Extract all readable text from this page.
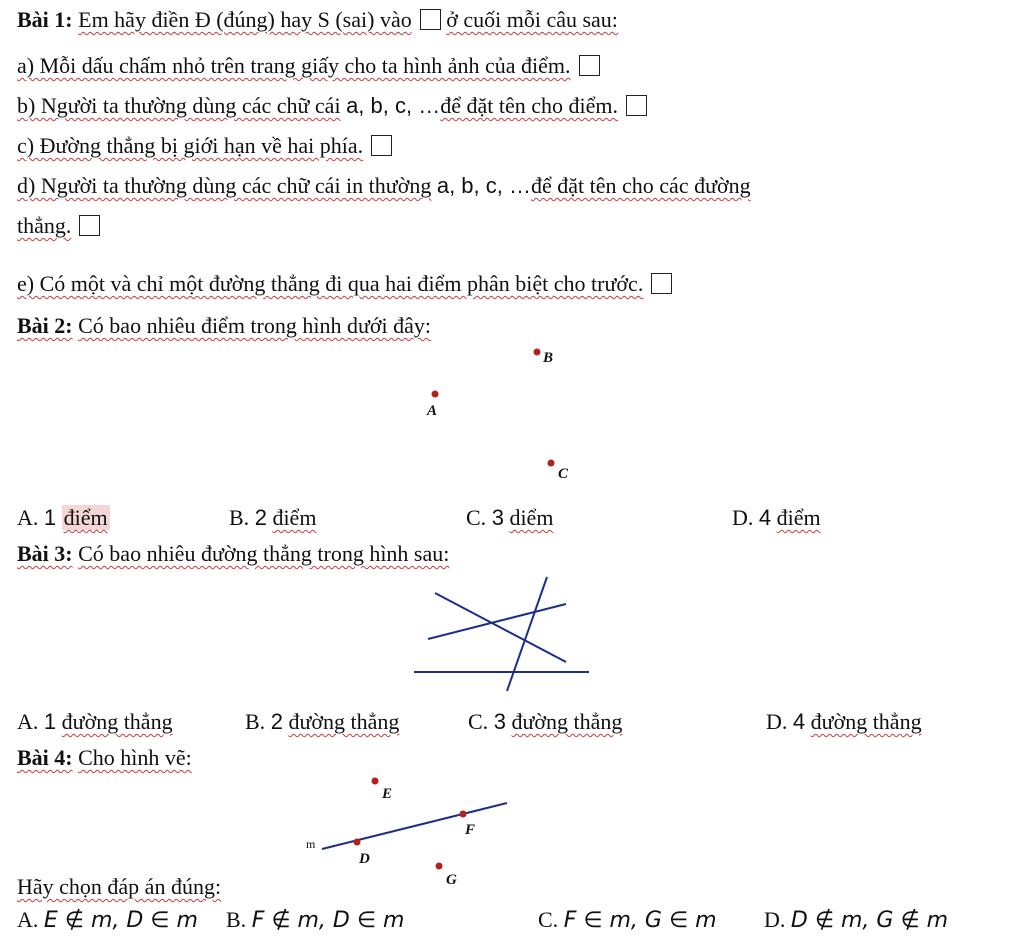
Bài 1: Em hãy điền Đ (đúng) hay S (sai) vào ở cuối mỗi câu sau:
a) Mỗi dấu chấm nhỏ trên trang giấy cho ta hình ảnh của điểm.
b) Người ta thường dùng các chữ cái a, b, c, …để đặt tên cho điểm.
c) Đường thẳng bị giới hạn về hai phía.
d) Người ta thường dùng các chữ cái in thường a, b, c, …để đặt tên cho các đường
thẳng.
e) Có một và chỉ một đường thẳng đi qua hai điểm phân biệt cho trước.
Bài 2: Có bao nhiêu điểm trong hình dưới đây:
B
A
C
A. 1 điểm	B. 2 điểm	C. 3 diểm	D. 4 điểm
Bài 3: Có bao nhiêu đường thẳng trong hình sau:
A. 1 đường thẳng	B. 2 đường thẳng	C. 3 đường thẳng	D. 4 đường thẳng
Bài 4: Cho hình vẽ:
E
F
D
G
m
Hãy chọn đáp án đúng:
A. E ∉ m, D ∈ m B. F ∉ m, D ∈ m	C. F ∈ m, G ∈ m D. D ∉ m, G ∉ m
